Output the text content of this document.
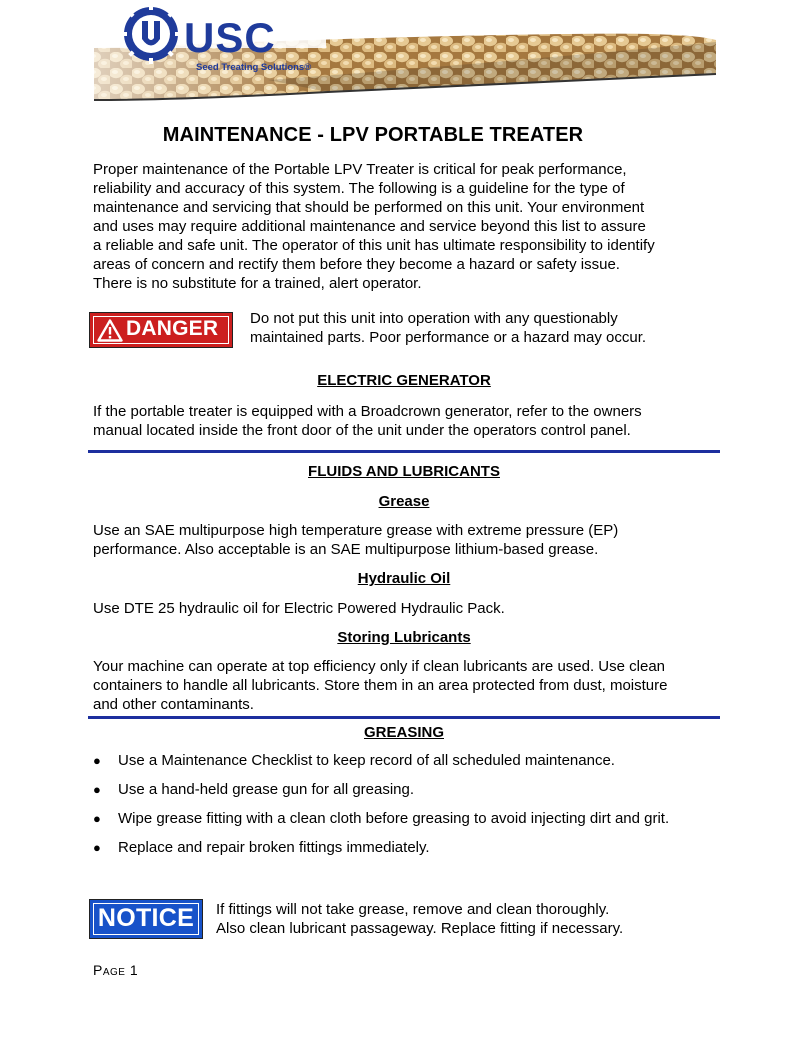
USC
Seed Treating Solutions®
MAINTENANCE - LPV PORTABLE TREATER
Proper maintenance of the Portable LPV Treater is critical for peak performance,
reliability and accuracy of this system. The following is a guideline for the type of
maintenance and servicing that should be performed on this unit. Your environment
and uses may require additional maintenance and service beyond this list to assure
a reliable and safe unit. The operator of this unit has ultimate responsibility to identify
areas of concern and rectify them before they become a hazard or safety issue.
There is no substitute for a trained, alert operator.
DANGER Do not put this unit into operation with any questionably
maintained parts. Poor performance or a hazard may occur.
ELECTRIC GENERATOR
If the portable treater is equipped with a Broadcrown generator, refer to the owners
manual located inside the front door of the unit under the operators control panel.
FLUIDS AND LUBRICANTS
Grease
Use an SAE multipurpose high temperature grease with extreme pressure (EP)
performance. Also acceptable is an SAE multipurpose lithium-based grease.
Hydraulic Oil
Use DTE 25 hydraulic oil for Electric Powered Hydraulic Pack.
Storing Lubricants
Your machine can operate at top efficiency only if clean lubricants are used. Use clean
containers to handle all lubricants. Store them in an area protected from dust, moisture
and other contaminants.
GREASING
● Use a Maintenance Checklist to keep record of all scheduled maintenance.
● Use a hand-held grease gun for all greasing.
● Wipe grease fitting with a clean cloth before greasing to avoid injecting dirt and grit.
● Replace and repair broken fittings immediately.
NOTICE If fittings will not take grease, remove and clean thoroughly.
Also clean lubricant passageway. Replace fitting if necessary.
Page 1
